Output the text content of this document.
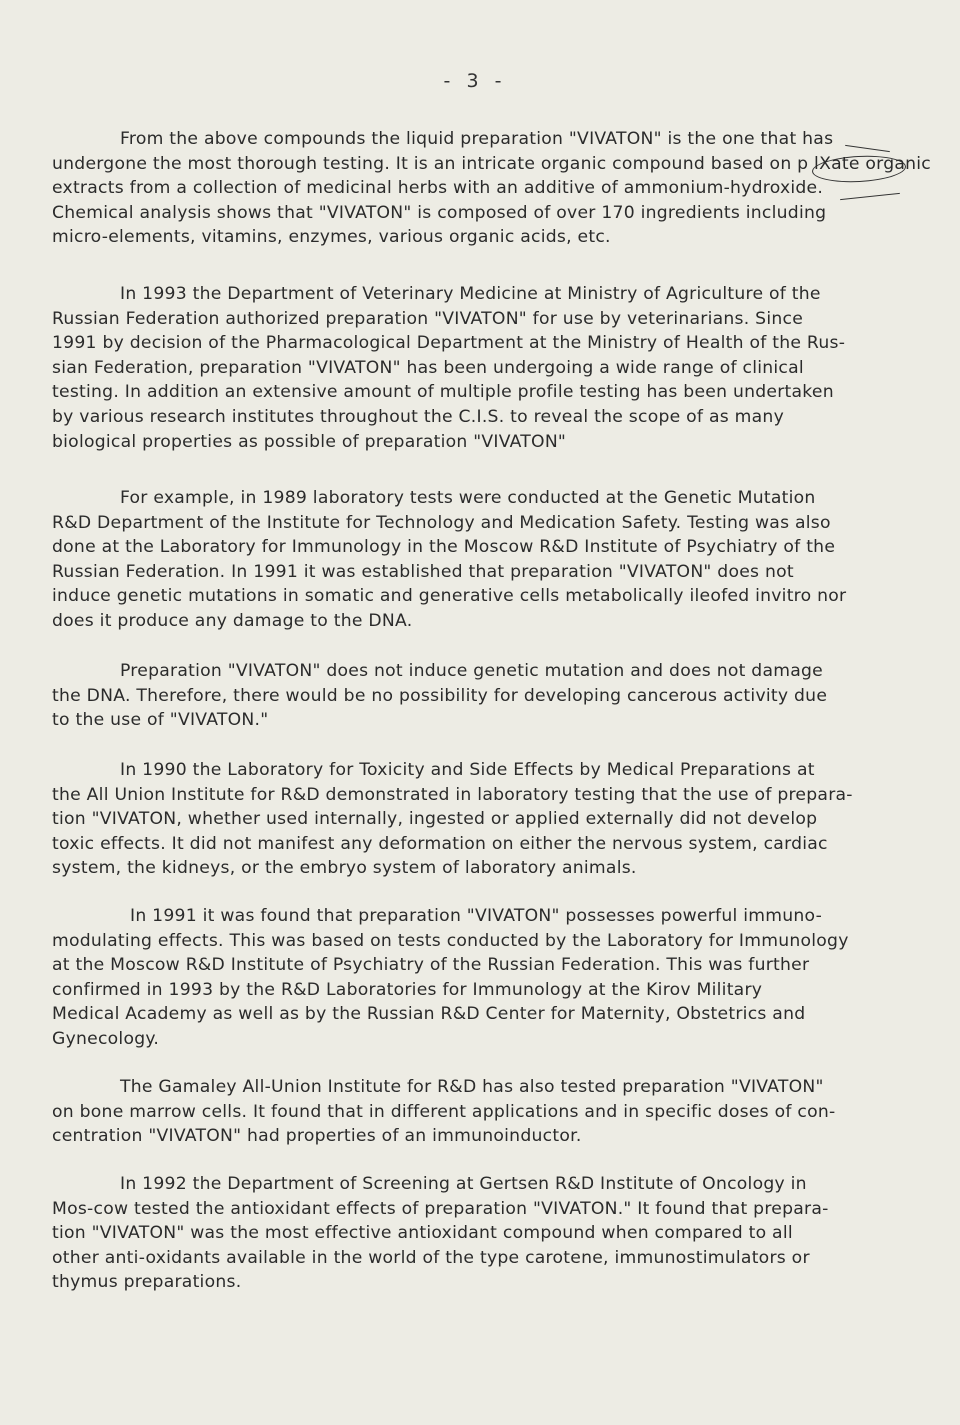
- 3 -

From the above compounds the liquid preparation "VIVATON" is the one that has
undergone the most thorough testing. It is an intricate organic compound based on p lXate organic
extracts from a collection of medicinal herbs with an additive of ammonium-hydroxide.
Chemical analysis shows that "VIVATON" is composed of over 170 ingredients including
micro-elements, vitamins, enzymes, various organic acids, etc.

In 1993 the Department of Veterinary Medicine at Ministry of Agriculture of the
Russian Federation authorized preparation "VIVATON" for use by veterinarians. Since
1991 by decision of the Pharmacological Department at the Ministry of Health of the Rus-
sian Federation, preparation "VIVATON" has been undergoing a wide range of clinical
testing. In addition an extensive amount of multiple profile testing has been undertaken
by various research institutes throughout the C.I.S. to reveal the scope of as many
biological properties as possible of preparation "VIVATON"

For example, in 1989 laboratory tests were conducted at the Genetic Mutation
R&D Department of the Institute for Technology and Medication Safety. Testing was also
done at the Laboratory for Immunology in the Moscow R&D Institute of Psychiatry of the
Russian Federation. In 1991 it was established that preparation "VIVATON" does not
induce genetic mutations in somatic and generative cells metabolically ileofed invitro nor
does it produce any damage to the DNA.

Preparation "VIVATON" does not induce genetic mutation and does not damage
the DNA. Therefore, there would be no possibility for developing cancerous activity due
to the use of "VIVATON."

In 1990 the Laboratory for Toxicity and Side Effects by Medical Preparations at
the All Union Institute for R&D demonstrated in laboratory testing that the use of prepara-
tion "VIVATON, whether used internally, ingested or applied externally did not develop
toxic effects. It did not manifest any deformation on either the nervous system, cardiac
system, the kidneys, or the embryo system of laboratory animals.

In 1991 it was found that preparation "VIVATON" possesses powerful immuno-
modulating effects. This was based on tests conducted by the Laboratory for Immunology
at the Moscow R&D Institute of Psychiatry of the Russian Federation. This was further
confirmed in 1993 by the R&D Laboratories for Immunology at the Kirov Military
Medical Academy as well as by the Russian R&D Center for Maternity, Obstetrics and
Gynecology.

The Gamaley All-Union Institute for R&D has also tested preparation "VIVATON"
on bone marrow cells. It found that in different applications and in specific doses of con-
centration "VIVATON" had properties of an immunoinductor.

In 1992 the Department of Screening at Gertsen R&D Institute of Oncology in
Mos-cow tested the antioxidant effects of preparation "VIVATON." It found that prepara-
tion "VIVATON" was the most effective antioxidant compound when compared to all
other anti-oxidants available in the world of the type carotene, immunostimulators or
thymus preparations.
